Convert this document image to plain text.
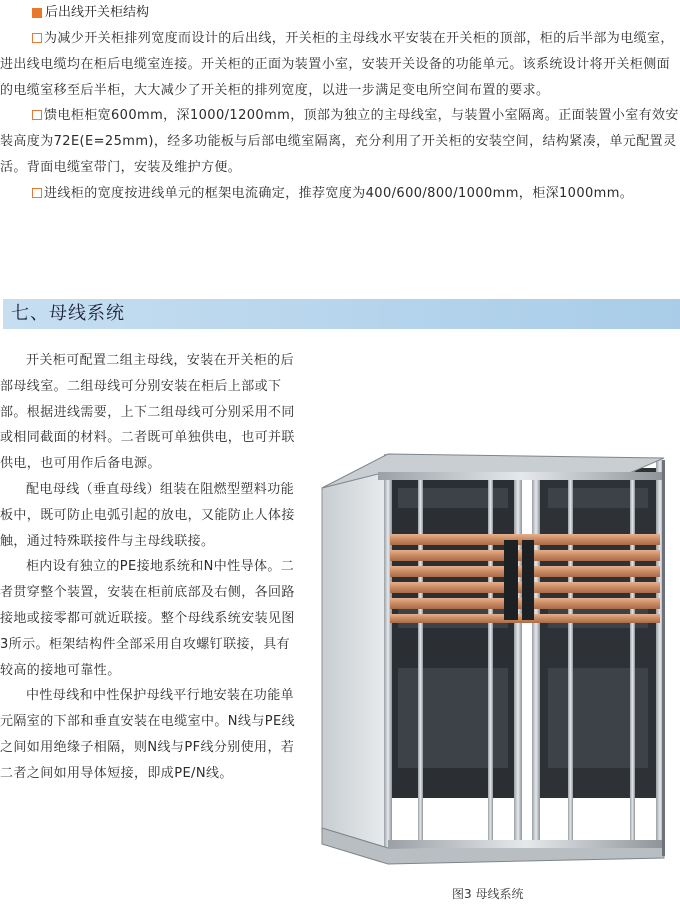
后出线开关柜结构

为减少开关柜排列宽度而设计的后出线，开关柜的主母线水平安装在开关柜的顶部，柜的后半部为电缆室，进出线电缆均在柜后电缆室连接。开关柜的正面为装置小室，安装开关设备的功能单元。该系统设计将开关柜侧面的电缆室移至后半柜，大大减少了开关柜的排列宽度，以进一步满足变电所空间布置的要求。

馈电柜柜宽600mm，深1000/1200mm，顶部为独立的主母线室，与装置小室隔离。正面装置小室有效安装高度为72E(E=25mm)，经多功能板与后部电缆室隔离，充分利用了开关柜的安装空间，结构紧凑，单元配置灵活。背面电缆室带门，安装及维护方便。

进线柜的宽度按进线单元的框架电流确定，推荐宽度为400/600/800/1000mm，柜深1000mm。

七、母线系统

开关柜可配置二组主母线，安装在开关柜的后部母线室。二组母线可分别安装在柜后上部或下部。根据进线需要，上下二组母线可分别采用不同或相同截面的材料。二者既可单独供电，也可并联供电，也可用作后备电源。

配电母线（垂直母线）组装在阻燃型塑料功能板中，既可防止电弧引起的放电，又能防止人体接触，通过特殊联接件与主母线联接。

柜内设有独立的PE接地系统和N中性导体。二者贯穿整个装置，安装在柜前底部及右侧，各回路接地或接零都可就近联接。整个母线系统安装见图3所示。柜架结构件全部采用自攻螺钉联接，具有较高的接地可靠性。

中性母线和中性保护母线平行地安装在功能单元隔室的下部和垂直安装在电缆室中。N线与PE线之间如用绝缘子相隔，则N线与PF线分别使用，若二者之间如用导体短接，即成PE/N线。

图3 母线系统
